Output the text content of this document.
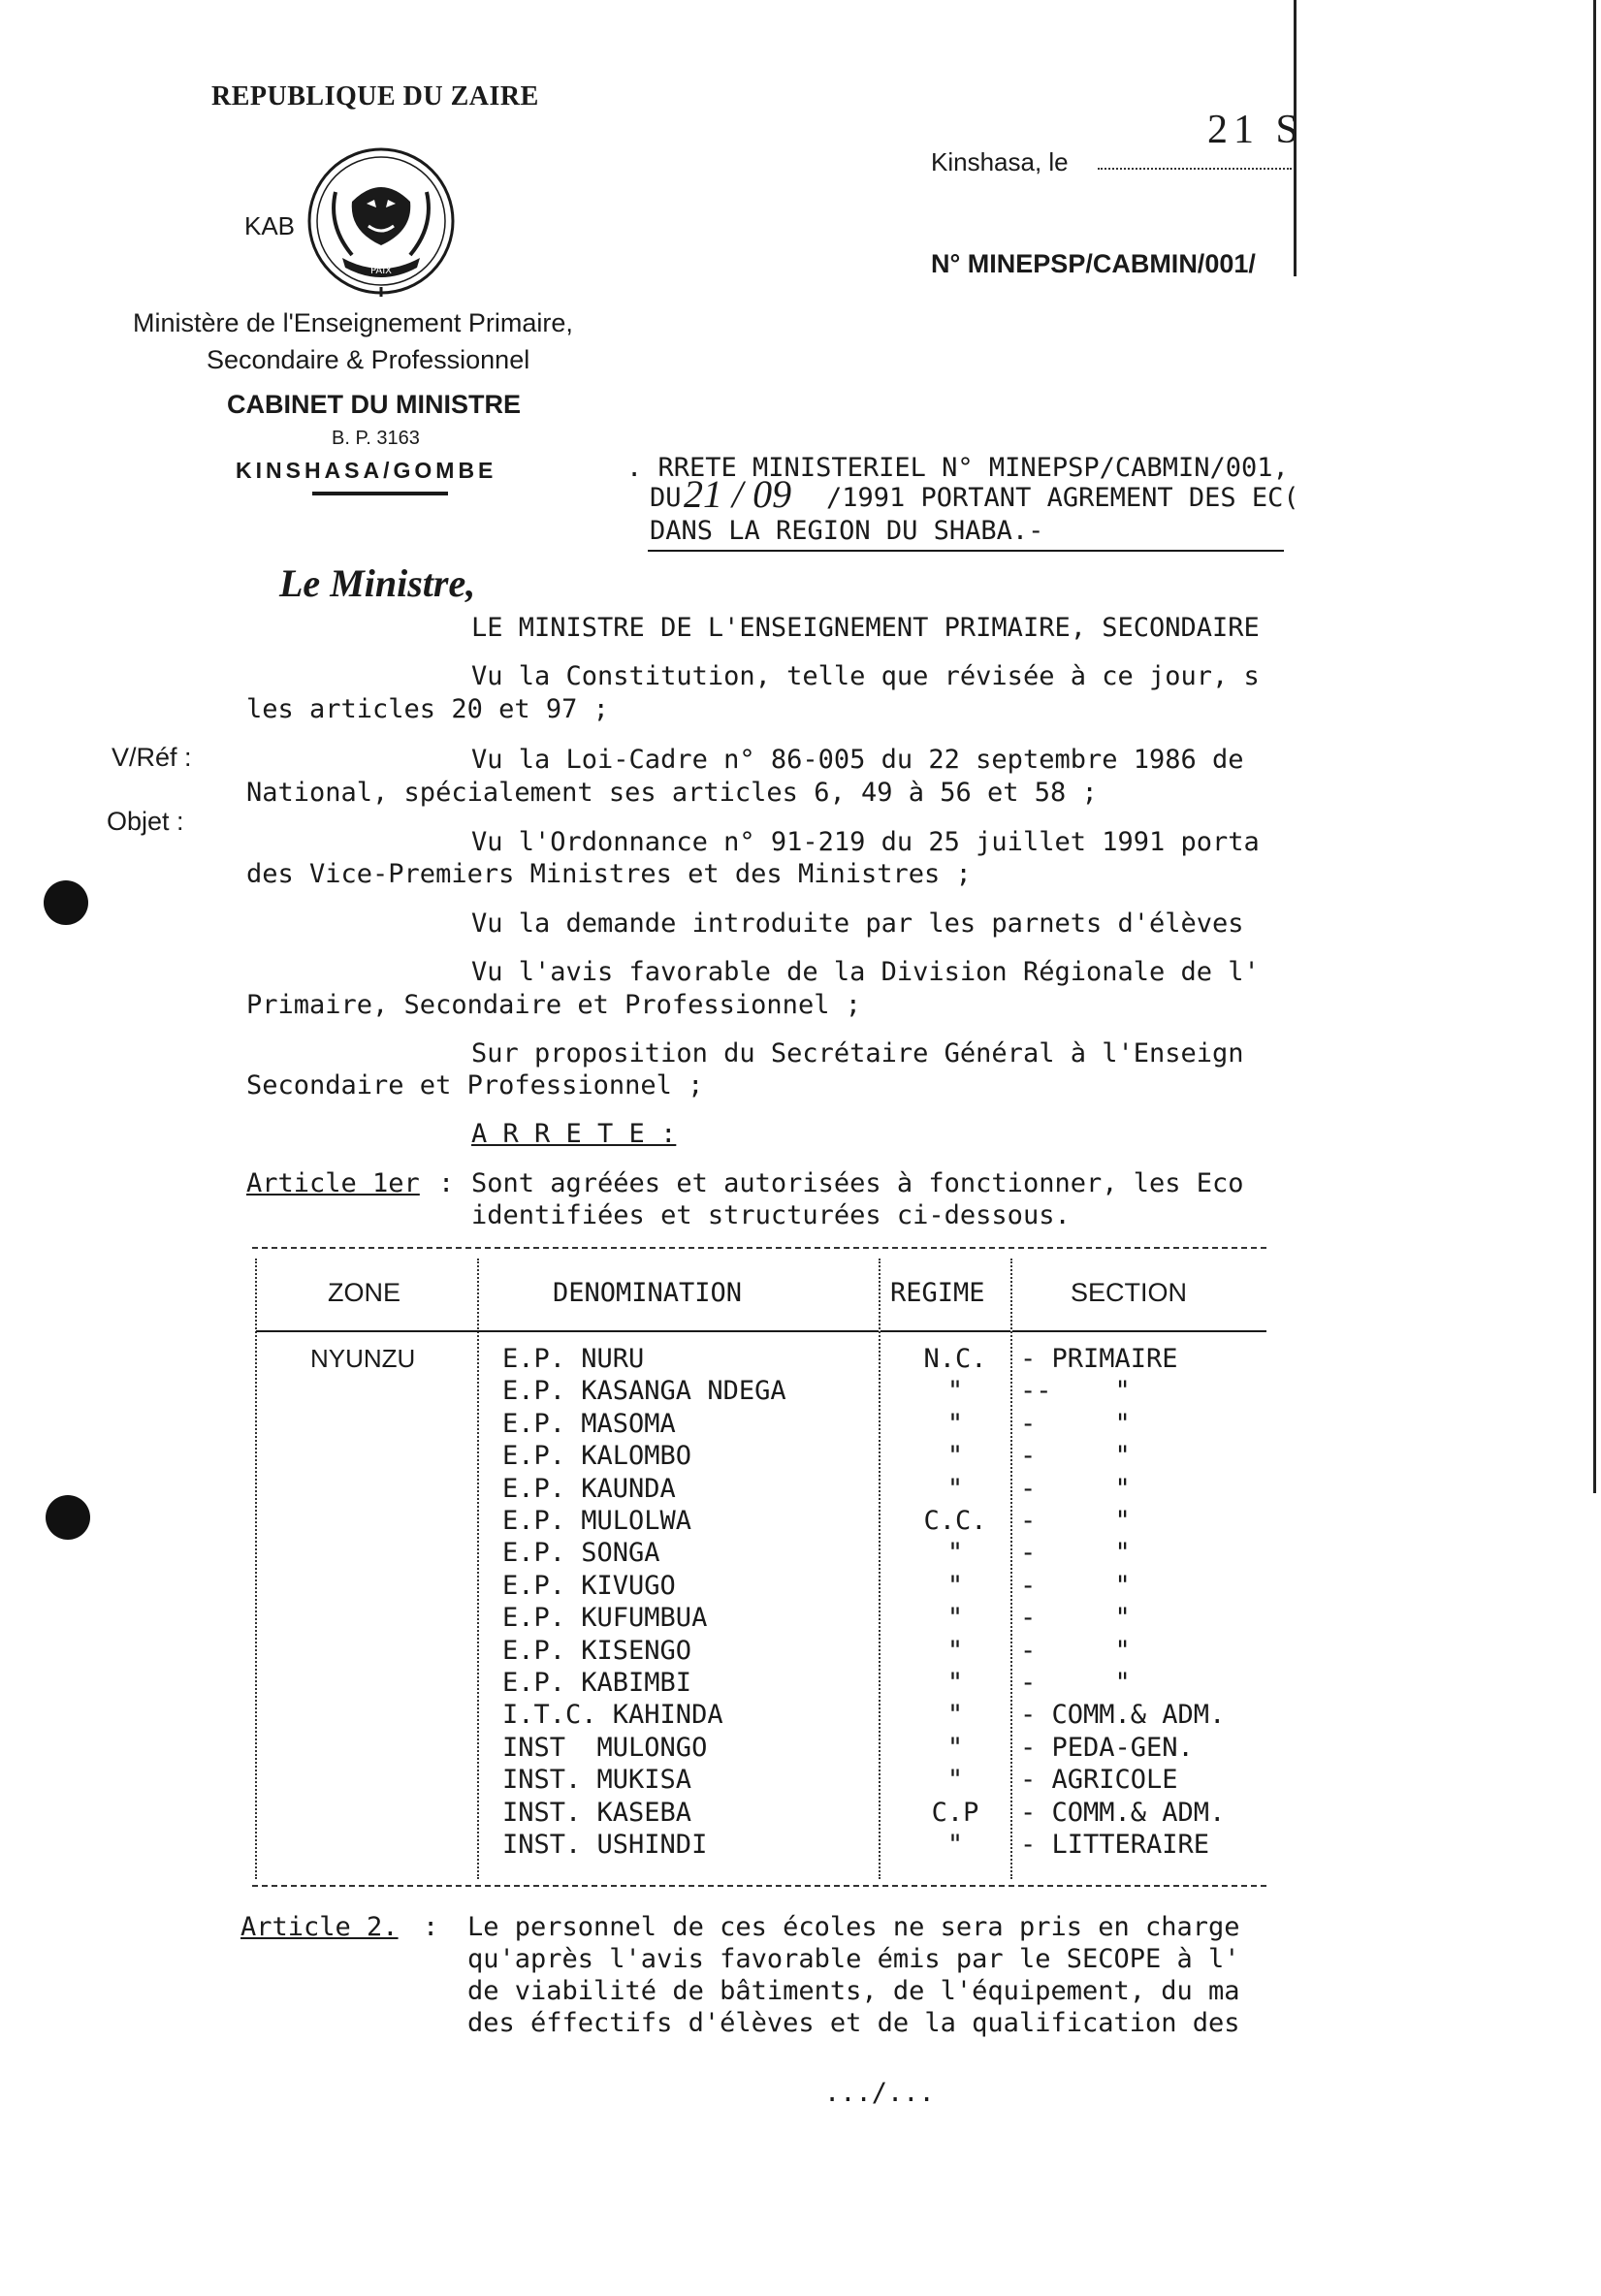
REPUBLIQUE DU ZAIRE
PAIX
KAB
Ministère de l'Enseignement Primaire,
Secondaire & Professionnel
CABINET DU MINISTRE
B. P. 3163
KINSHASA/GOMBE
Kinshasa, le
21 S
N° MINEPSP/CABMIN/001/
. RRETE MINISTERIEL N° MINEPSP/CABMIN/001,
DU 21 / 09 /1991 PORTANT AGREMENT DES EC(
DANS LA REGION DU SHABA.-
Le Ministre,
V/Réf :
Objet :
LE MINISTRE DE L'ENSEIGNEMENT PRIMAIRE, SECONDAIRE
Vu la Constitution, telle que révisée à ce jour, s
les articles 20 et 97 ;
Vu la Loi-Cadre n° 86-005 du 22 septembre 1986 de
National, spécialement ses articles 6, 49 à 56 et 58 ;
Vu l'Ordonnance n° 91-219 du 25 juillet 1991 porta
des Vice-Premiers Ministres et des Ministres ;
Vu la demande introduite par les parnets d'élèves
Vu l'avis favorable de la Division Régionale de l'
Primaire, Secondaire et Professionnel ;
Sur proposition du Secrétaire Général à l'Enseign
Secondaire et Professionnel ;
A R R E T E :
Article 1er : Sont agréées et autorisées à fonctionner, les Eco
identifiées et structurées ci-dessous.
ZONE	DENOMINATION	REGIME	SECTION
NYUNZU	E.P. NURU	N.C.	- PRIMAIRE
E.P. KASANGA NDEGA	"	--    "
E.P. MASOMA	"	-     "
E.P. KALOMBO	"	-     "
E.P. KAUNDA	"	-     "
E.P. MULOLWA	C.C.	-     "
E.P. SONGA	"	-     "
E.P. KIVUGO	"	-     "
E.P. KUFUMBUA	"	-     "
E.P. KISENGO	"	-     "
E.P. KABIMBI	"	-     "
I.T.C. KAHINDA	"	- COMM.& ADM.
INST  MULONGO	"	- PEDA-GEN.
INST. MUKISA	"	- AGRICOLE
INST. KASEBA	C.P	- COMM.& ADM.
INST. USHINDI	"	- LITTERAIRE
Article 2. : Le personnel de ces écoles ne sera pris en charge
qu'après l'avis favorable émis par le SECOPE à l'
de viabilité de bâtiments, de l'équipement, du ma
des éffectifs d'élèves et de la qualification des
.../...
